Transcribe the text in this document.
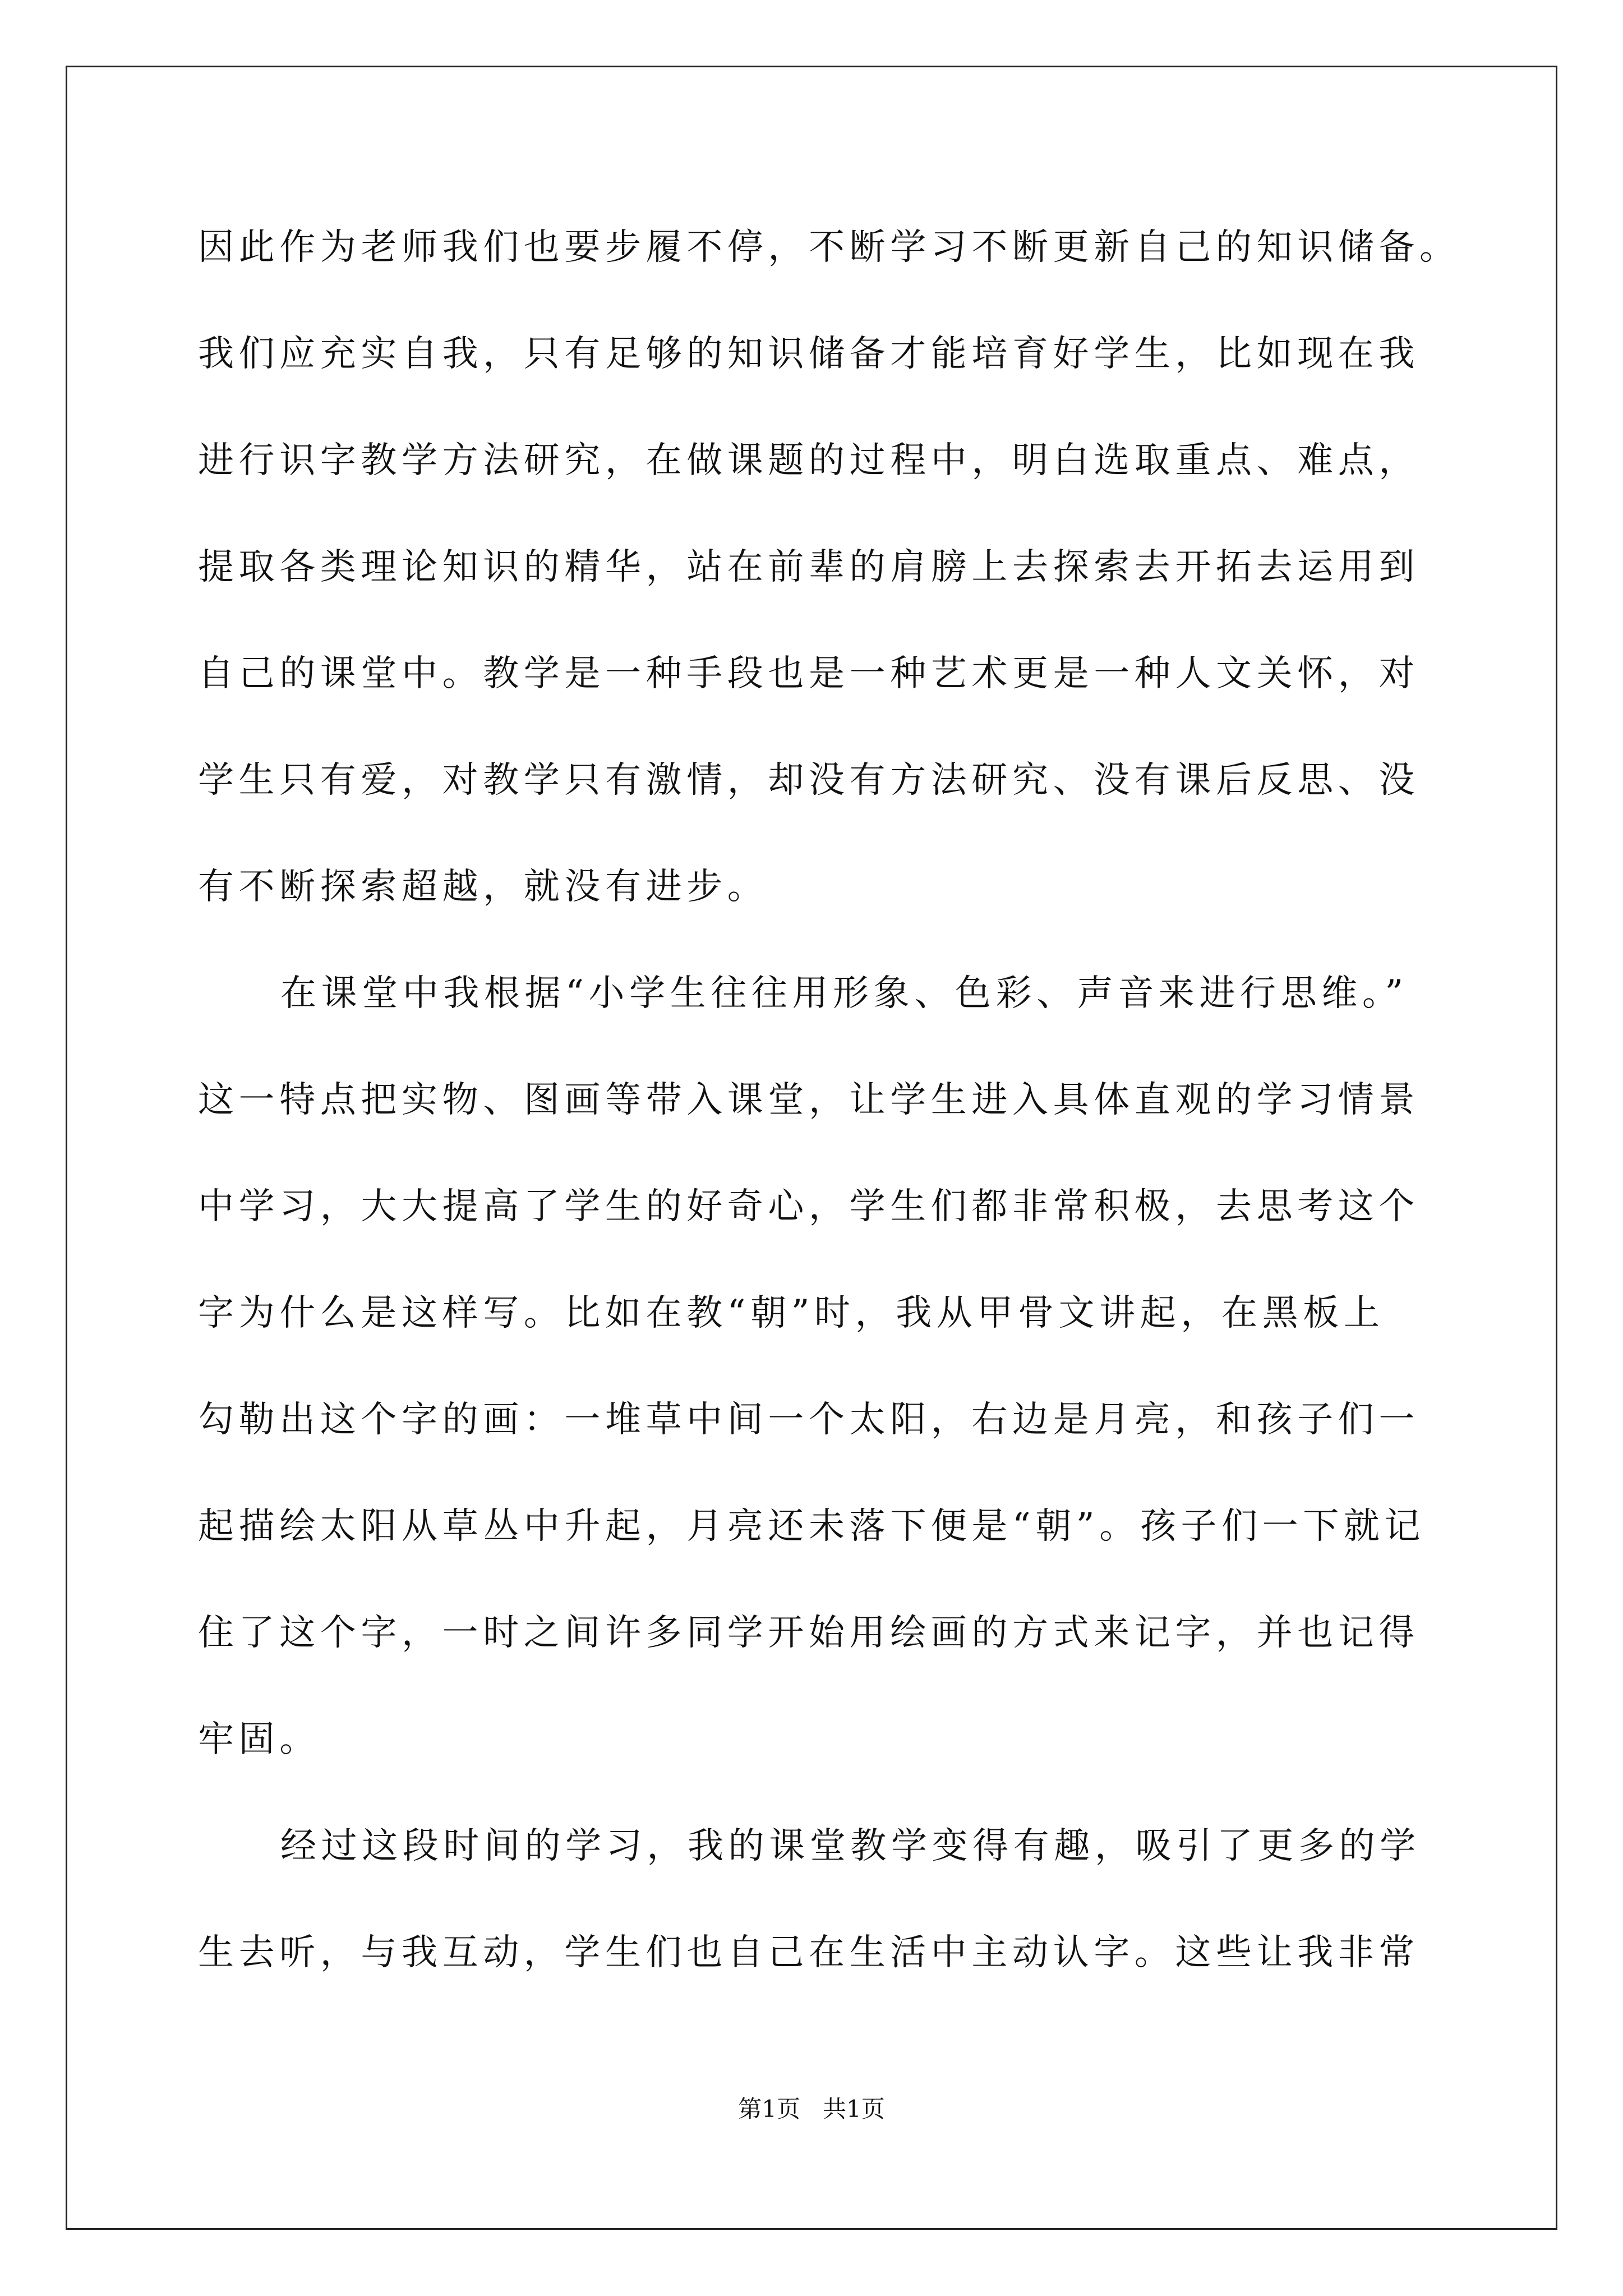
因此作为老师我们也要步履不停，不断学习不断更新自己的知识储备。
我们应充实自我，只有足够的知识储备才能培育好学生，比如现在我
进行识字教学方法研究，在做课题的过程中，明白选取重点、难点，
提取各类理论知识的精华，站在前辈的肩膀上去探索去开拓去运用到
自己的课堂中。教学是一种手段也是一种艺术更是一种人文关怀，对
学生只有爱，对教学只有激情，却没有方法研究、没有课后反思、没
有不断探索超越，就没有进步。
在课堂中我根据“小学生往往用形象、色彩、声音来进行思维。”
这一特点把实物、图画等带入课堂，让学生进入具体直观的学习情景
中学习，大大提高了学生的好奇心，学生们都非常积极，去思考这个
字为什么是这样写。比如在教“朝”时，我从甲骨文讲起，在黑板上
勾勒出这个字的画：一堆草中间一个太阳，右边是月亮，和孩子们一
起描绘太阳从草丛中升起，月亮还未落下便是“朝”。孩子们一下就记
住了这个字，一时之间许多同学开始用绘画的方式来记字，并也记得
牢固。
经过这段时间的学习，我的课堂教学变得有趣，吸引了更多的学
生去听，与我互动，学生们也自己在生活中主动认字。这些让我非常
第1页   共1页
